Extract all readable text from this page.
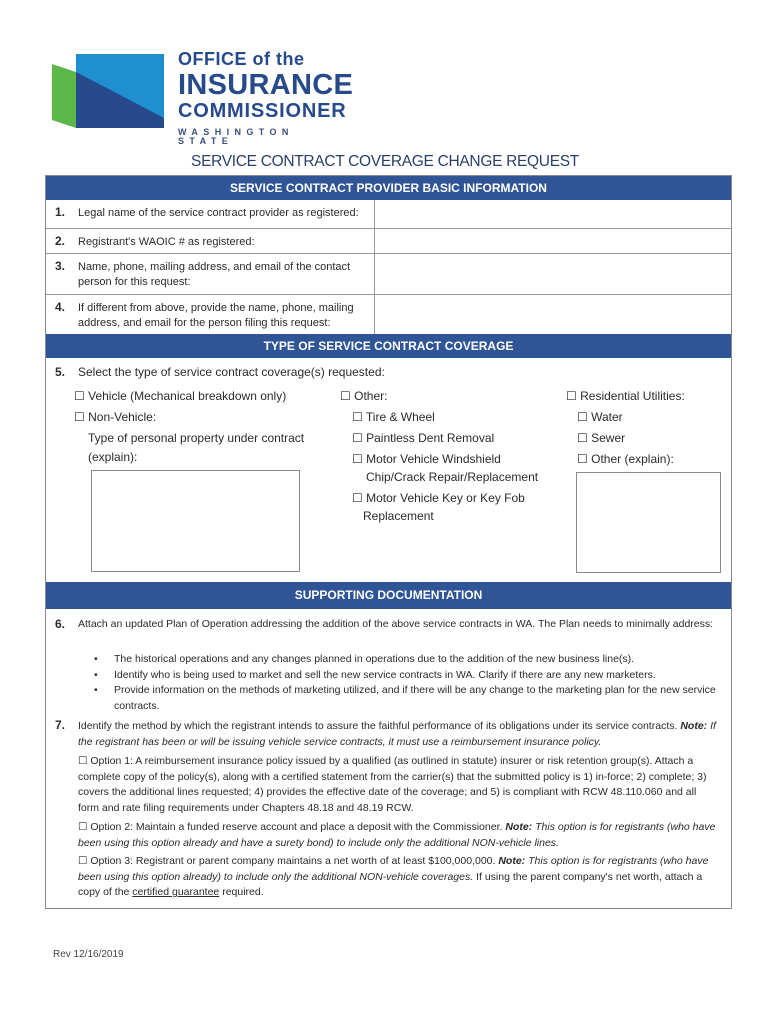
OFFICE of the
INSURANCE
COMMISSIONER
WASHINGTON STATE
SERVICE CONTRACT COVERAGE CHANGE REQUEST
SERVICE CONTRACT PROVIDER BASIC INFORMATION
1. Legal name of the service contract provider as registered:
2. Registrant's WAOIC # as registered:
3. Name, phone, mailing address, and email of the contact person for this request:
4. If different from above, provide the name, phone, mailing address, and email for the person filing this request:
TYPE OF SERVICE CONTRACT COVERAGE
5. Select the type of service contract coverage(s) requested:
☐ Vehicle (Mechanical breakdown only)
☐ Non-Vehicle:
Type of personal property under contract
(explain):
☐ Other:
☐ Tire & Wheel
☐ Paintless Dent Removal
☐ Motor Vehicle Windshield
Chip/Crack Repair/Replacement
☐ Motor Vehicle Key or Key Fob
Replacement
☐ Residential Utilities:
☐ Water
☐ Sewer
☐ Other (explain):
SUPPORTING DOCUMENTATION
6. Attach an updated Plan of Operation addressing the addition of the above service contracts in WA. The Plan needs to minimally address:
• The historical operations and any changes planned in operations due to the addition of the new business line(s).
• Identify who is being used to market and sell the new service contracts in WA. Clarify if there are any new marketers.
• Provide information on the methods of marketing utilized, and if there will be any change to the marketing plan for the new service contracts.
7. Identify the method by which the registrant intends to assure the faithful performance of its obligations under its service contracts. Note: If the registrant has been or will be issuing vehicle service contracts, it must use a reimbursement insurance policy.
☐ Option 1: A reimbursement insurance policy issued by a qualified (as outlined in statute) insurer or risk retention group(s). Attach a complete copy of the policy(s), along with a certified statement from the carrier(s) that the submitted policy is 1) in-force; 2) complete; 3) covers the additional lines requested; 4) provides the effective date of the coverage; and 5) is compliant with RCW 48.110.060 and all form and rate filing requirements under Chapters 48.18 and 48.19 RCW.
☐ Option 2: Maintain a funded reserve account and place a deposit with the Commissioner. Note: This option is for registrants (who have been using this option already and have a surety bond) to include only the additional NON-vehicle lines.
☐ Option 3: Registrant or parent company maintains a net worth of at least $100,000,000. Note: This option is for registrants (who have been using this option already) to include only the additional NON-vehicle coverages. If using the parent company's net worth, attach a copy of the certified guarantee required.
Rev 12/16/2019
